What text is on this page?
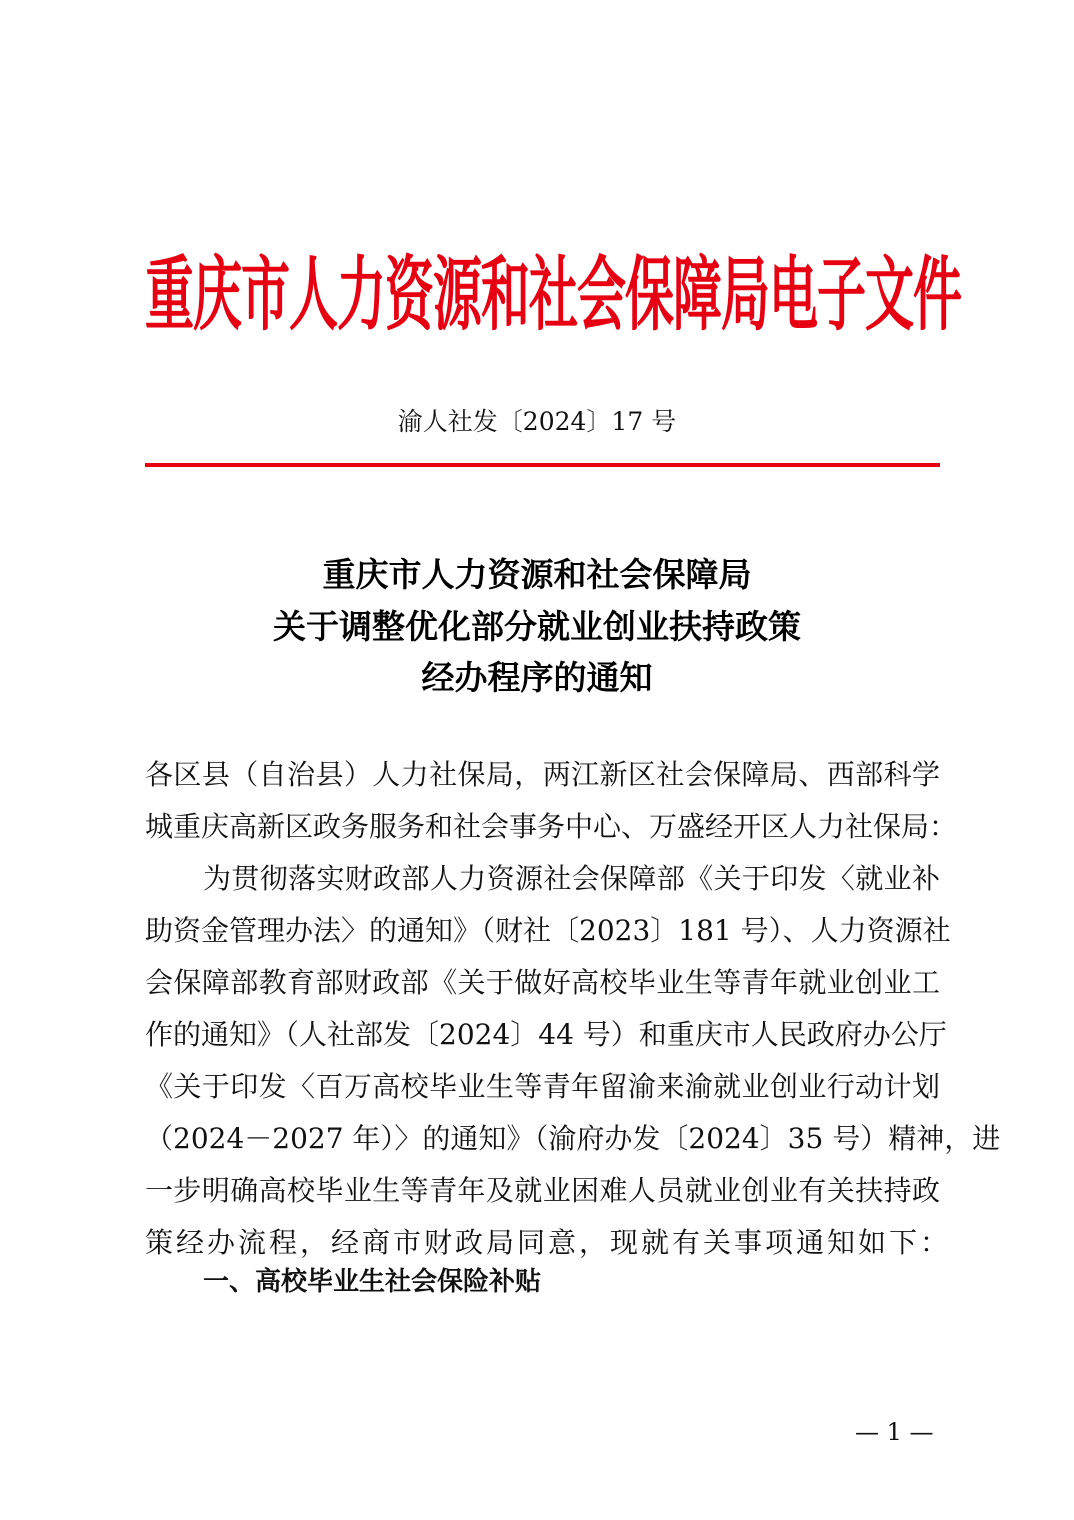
重庆市人力资源和社会保障局电子文件
渝人社发〔2024〕17 号
重庆市人力资源和社会保障局
关于调整优化部分就业创业扶持政策
经办程序的通知
各区县（自治县）人力社保局，两江新区社会保障局、西部科学
城重庆高新区政务服务和社会事务中心、万盛经开区人力社保局：
为贯彻落实财政部人力资源社会保障部《关于印发〈就业补
助资金管理办法〉的通知》（财社〔2023〕181 号）、人力资源社
会保障部教育部财政部《关于做好高校毕业生等青年就业创业工
作的通知》（人社部发〔2024〕44 号）和重庆市人民政府办公厅
《关于印发〈百万高校毕业生等青年留渝来渝就业创业行动计划
（2024－2027 年）〉的通知》（渝府办发〔2024〕35 号）精神，进
一步明确高校毕业生等青年及就业困难人员就业创业有关扶持政
策经办流程，经商市财政局同意，现就有关事项通知如下：
一、高校毕业生社会保险补贴
— 1 —
